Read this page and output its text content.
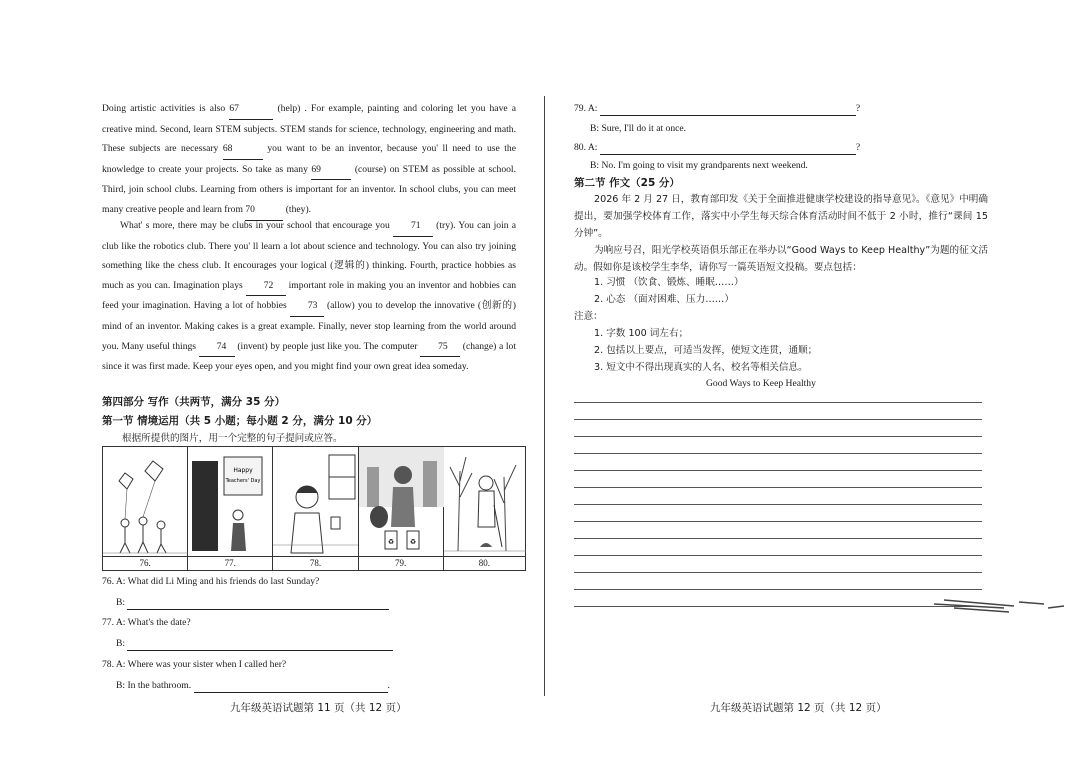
Doing artistic activities is also 67	(help) . For example, painting and coloring let you have a creative mind. Second, learn STEM subjects. STEM stands for science, technology, engineering and math. These subjects are necessary 68	you want to be an inventor, because you' ll need to use the knowledge to create your projects. So take as many 69	(course) on STEM as possible at school. Third, join school clubs. Learning from others is important for an inventor. In school clubs, you can meet many creative people and learn from 70	(they).
What' s more, there may be clubs in your school that encourage you 71 (try). You can join a club like the robotics club. There you' ll learn a lot about science and technology. You can also try joining something like the chess club. It encourages your logical (逻辑的) thinking. Fourth, practice hobbies as much as you can. Imagination plays 72 important role in making you an inventor and hobbies can feed your imagination. Having a lot of hobbies 73 (allow) you to develop the innovative (创新的) mind of an inventor. Making cakes is a great example. Finally, never stop learning from the world around you. Many useful things 74 (invent) by people just like you. The computer 75 (change) a lot since it was first made. Keep your eyes open, and you might find your own great idea someday.
第四部分 写作（共两节，满分 35 分）
第一节 情境运用（共 5 小题；每小题 2 分，满分 10 分）
根据所提供的图片，用一个完整的句子提问或应答。
76.
Happy
Teachers' Day
77.	78.
♻ ♻
79.	80.
76. A: What did Li Ming and his friends do last Sunday?
B:
77. A: What's the date?
B:
78. A: Where was your sister when I called her?
B: In the bathroom.	.
九年级英语试题第 11 页（共 12 页）
79. A:	?
B: Sure, I'll do it at once.
80. A:	?
B: No. I'm going to visit my grandparents next weekend.
第二节 作文（25 分）
2026 年 2 月 27 日，教育部印发《关于全面推进健康学校建设的指导意见》。《意见》中明确提出，要加强学校体育工作，落实中小学生每天综合体育活动时间不低于 2 小时，推行“课间 15 分钟”。
为响应号召，阳光学校英语俱乐部正在举办以“Good Ways to Keep Healthy”为题的征文活动。假如你是该校学生李华，请你写一篇英语短文投稿。要点包括：
1. 习惯 （饮食、锻炼、睡眠……）
2. 心态 （面对困难、压力……）
注意：
1. 字数 100 词左右；
2. 包括以上要点，可适当发挥，使短文连贯，通顺；
3. 短文中不得出现真实的人名、校名等相关信息。
Good Ways to Keep Healthy
九年级英语试题第 12 页（共 12 页）
